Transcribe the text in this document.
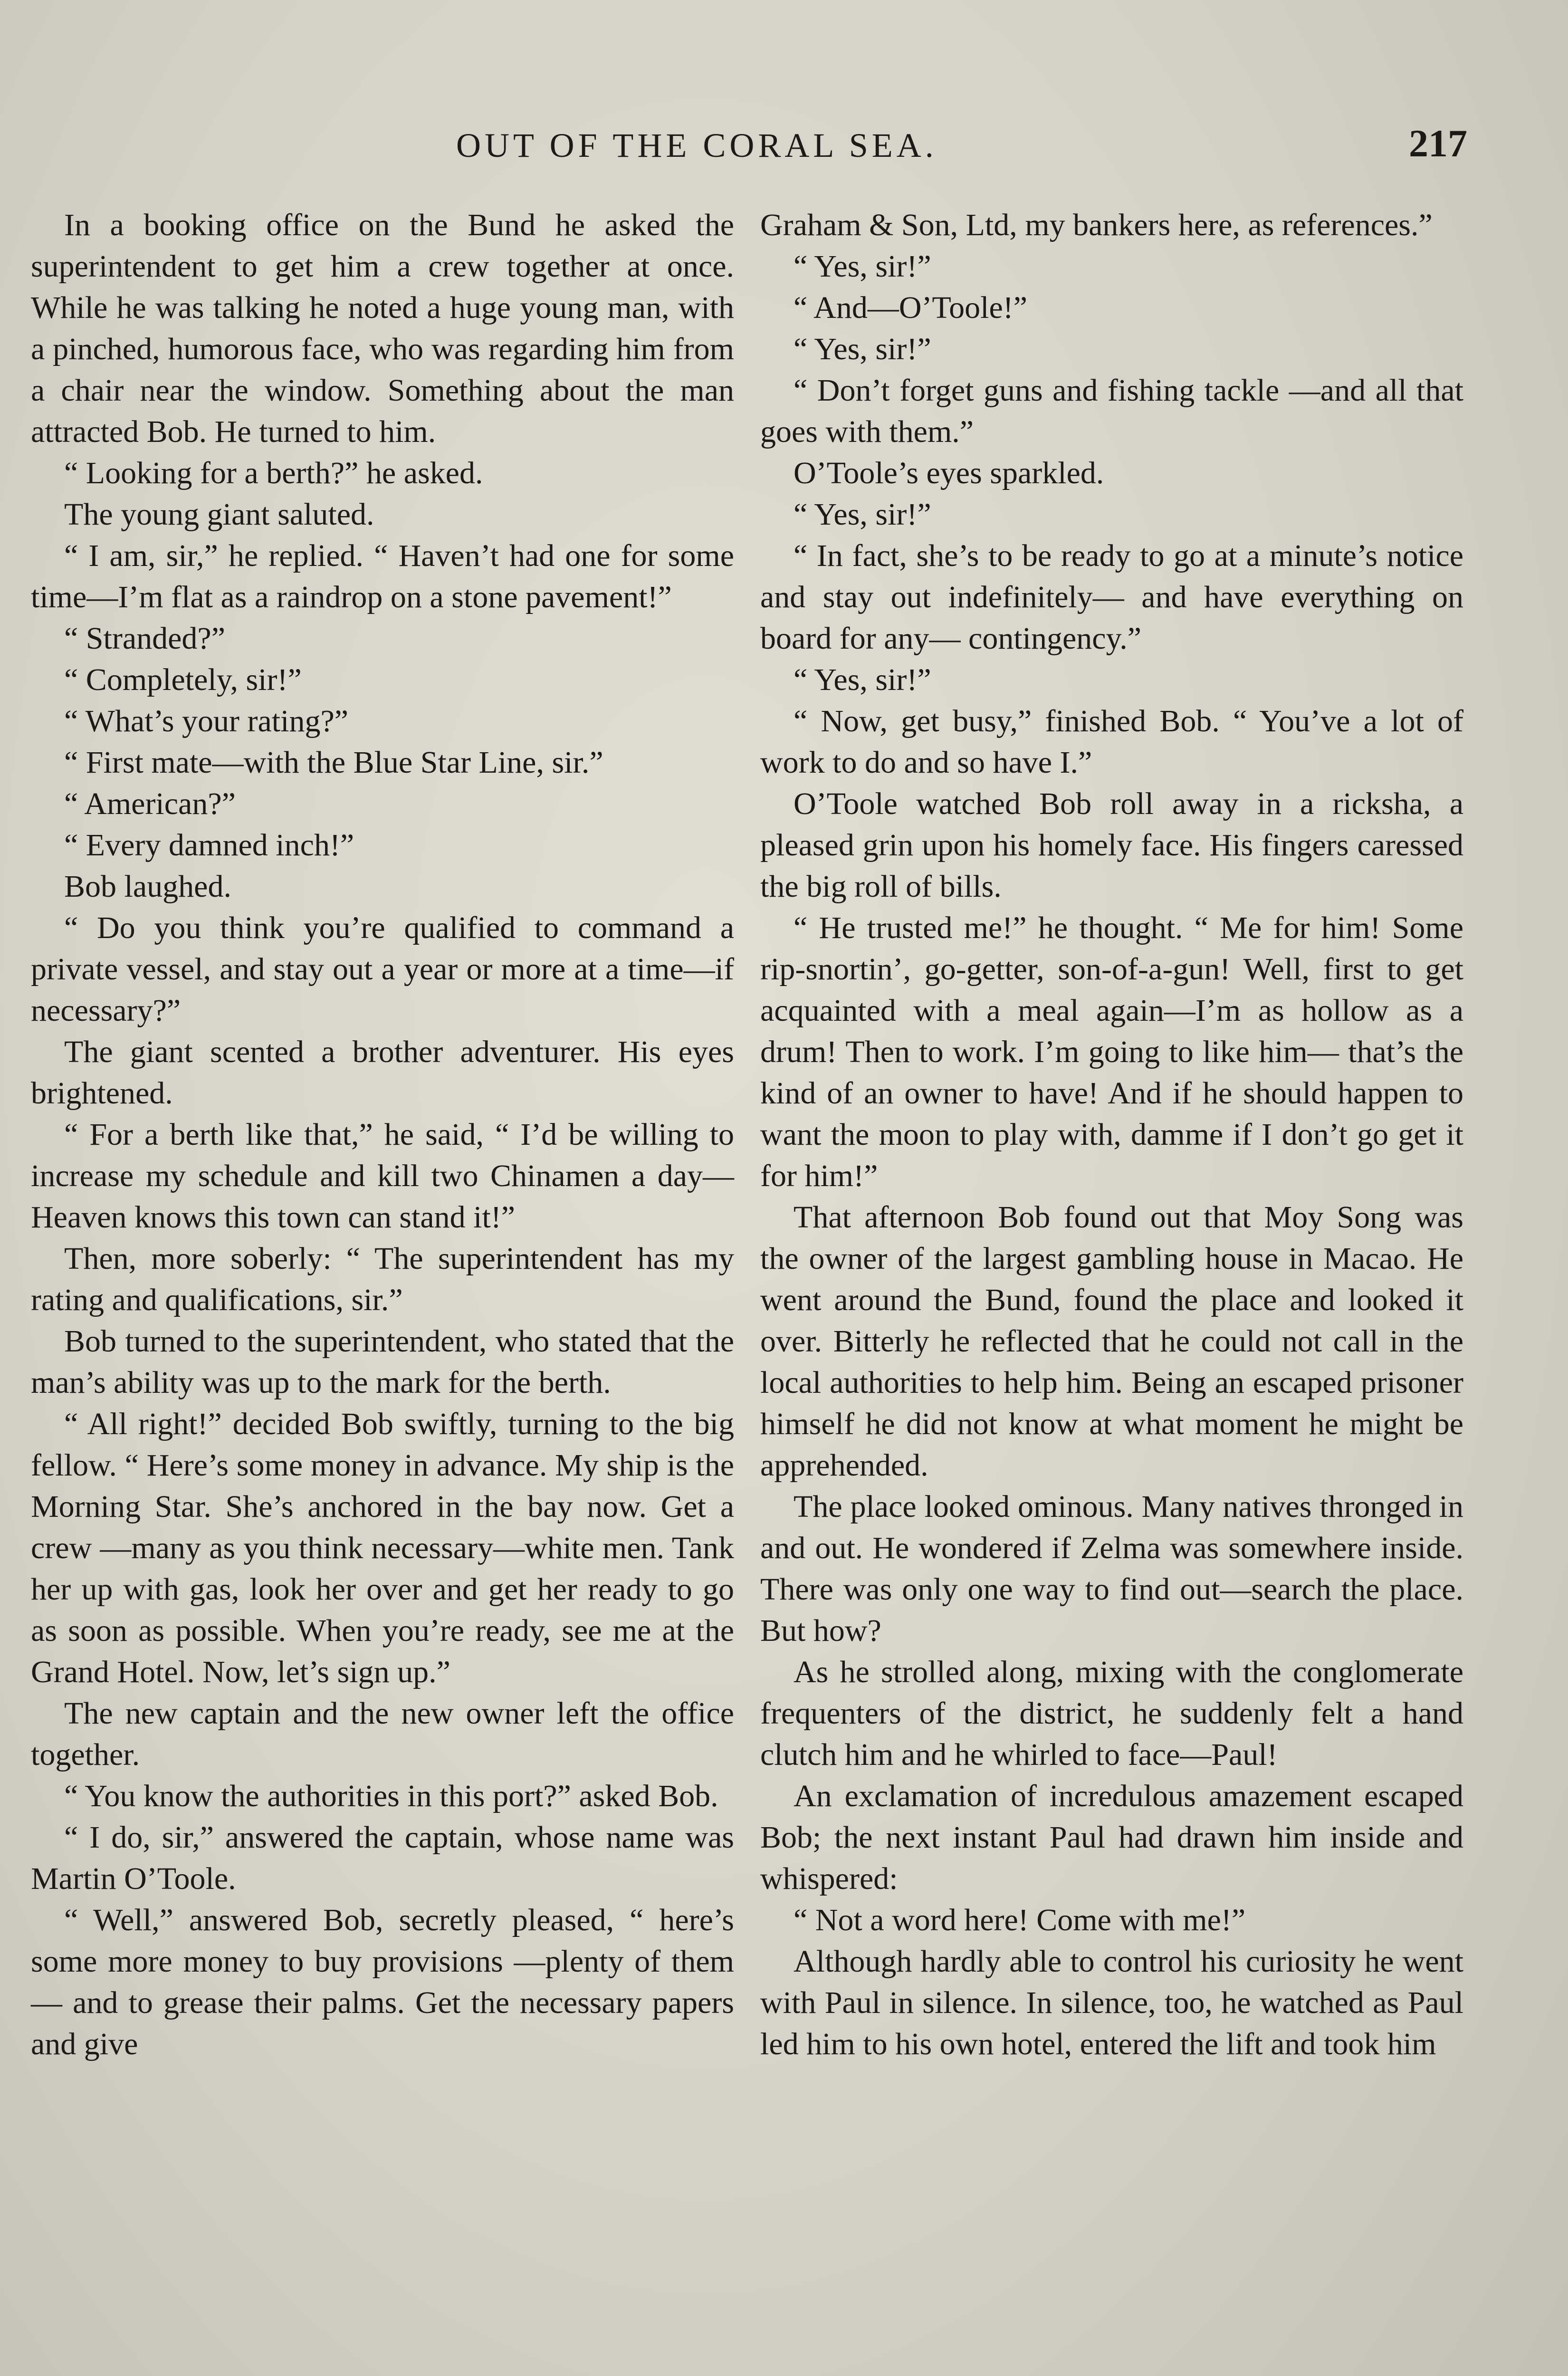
OUT OF THE CORAL SEA.	217

In a booking office on the Bund he asked the superintendent to get him a crew together at once. While he was talking he noted a huge young man, with a pinched, humorous face, who was regarding him from a chair near the window. Something about the man attracted Bob. He turned to him.

“ Looking for a berth?” he asked.

The young giant saluted.

“ I am, sir,” he replied. “ Haven’t had one for some time—I’m flat as a raindrop on a stone pavement!”

“ Stranded?”

“ Completely, sir!”

“ What’s your rating?”

“ First mate—with the Blue Star Line, sir.”

“ American?”

“ Every damned inch!”

Bob laughed.

“ Do you think you’re qualified to command a private vessel, and stay out a year or more at a time—if necessary?”

The giant scented a brother adventurer. His eyes brightened.

“ For a berth like that,” he said, “ I’d be willing to increase my schedule and kill two Chinamen a day—Heaven knows this town can stand it!”

Then, more soberly: “ The superintendent has my rating and qualifications, sir.”

Bob turned to the superintendent, who stated that the man’s ability was up to the mark for the berth.

“ All right!” decided Bob swiftly, turning to the big fellow. “ Here’s some money in advance. My ship is the Morning Star. She’s anchored in the bay now. Get a crew —many as you think necessary—white men. Tank her up with gas, look her over and get her ready to go as soon as possible. When you’re ready, see me at the Grand Hotel. Now, let’s sign up.”

The new captain and the new owner left the office together.

“ You know the authorities in this port?” asked Bob.

“ I do, sir,” answered the captain, whose name was Martin O’Toole.

“ Well,” answered Bob, secretly pleased, “ here’s some more money to buy provisions —plenty of them — and to grease their palms. Get the necessary papers and give

Graham & Son, Ltd, my bankers here, as references.”

“ Yes, sir!”

“ And—O’Toole!”

“ Yes, sir!”

“ Don’t forget guns and fishing tackle —and all that goes with them.”

O’Toole’s eyes sparkled.

“ Yes, sir!”

“ In fact, she’s to be ready to go at a minute’s notice and stay out indefinitely— and have everything on board for any— contingency.”

“ Yes, sir!”

“ Now, get busy,” finished Bob. “ You’ve a lot of work to do and so have I.”

O’Toole watched Bob roll away in a ricksha, a pleased grin upon his homely face. His fingers caressed the big roll of bills.

“ He trusted me!” he thought. “ Me for him! Some rip-snortin’, go-getter, son-of-a-gun! Well, first to get acquainted with a meal again—I’m as hollow as a drum! Then to work. I’m going to like him— that’s the kind of an owner to have! And if he should happen to want the moon to play with, damme if I don’t go get it for him!”

That afternoon Bob found out that Moy Song was the owner of the largest gambling house in Macao. He went around the Bund, found the place and looked it over. Bitterly he reflected that he could not call in the local authorities to help him. Being an escaped prisoner himself he did not know at what moment he might be apprehended.

The place looked ominous. Many natives thronged in and out. He wondered if Zelma was somewhere inside. There was only one way to find out—search the place. But how?

As he strolled along, mixing with the conglomerate frequenters of the district, he suddenly felt a hand clutch him and he whirled to face—Paul!

An exclamation of incredulous amazement escaped Bob; the next instant Paul had drawn him inside and whispered:

“ Not a word here! Come with me!”

Although hardly able to control his curiosity he went with Paul in silence. In silence, too, he watched as Paul led him to his own hotel, entered the lift and took him
